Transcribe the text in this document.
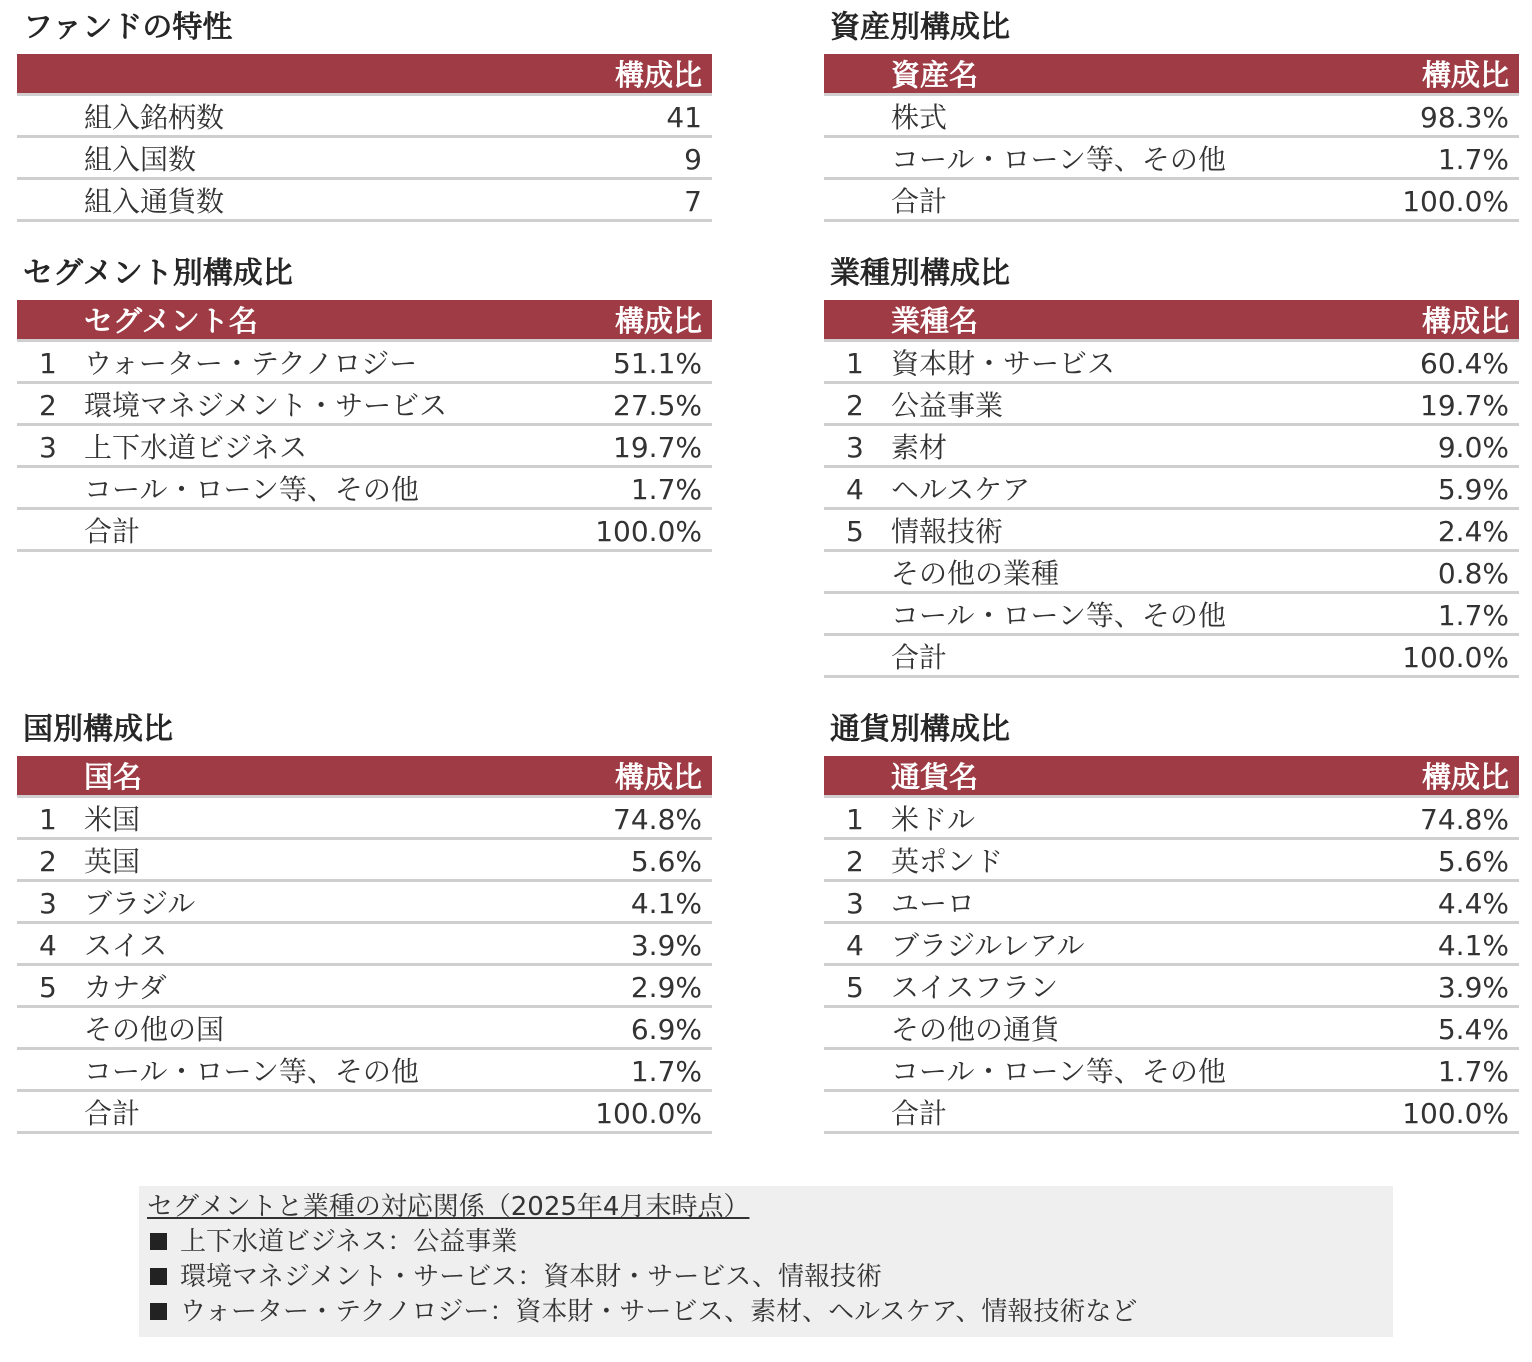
ファンドの特性
構成比
組入銘柄数	41
組入国数	9
組入通貨数	7
資産別構成比
資産名	構成比
株式	98.3%
コール・ローン等、その他	1.7%
合計	100.0%
セグメント別構成比
セグメント名	構成比
1 ウォーター・テクノロジー	51.1%
2 環境マネジメント・サービス	27.5%
3 上下水道ビジネス	19.7%
コール・ローン等、その他	1.7%
合計	100.0%
業種別構成比
業種名	構成比
1 資本財・サービス	60.4%
2 公益事業	19.7%
3 素材	9.0%
4 ヘルスケア	5.9%
5 情報技術	2.4%
その他の業種	0.8%
コール・ローン等、その他	1.7%
合計	100.0%
国別構成比
国名	構成比
1 米国	74.8%
2 英国	5.6%
3 ブラジル	4.1%
4 スイス	3.9%
5 カナダ	2.9%
その他の国	6.9%
コール・ローン等、その他	1.7%
合計	100.0%
通貨別構成比
通貨名	構成比
1 米ドル	74.8%
2 英ポンド	5.6%
3 ユーロ	4.4%
4 ブラジルレアル	4.1%
5 スイスフラン	3.9%
その他の通貨	5.4%
コール・ローン等、その他	1.7%
合計	100.0%
セグメントと業種の対応関係（2025年4月末時点）
上下水道ビジネス：公益事業
環境マネジメント・サービス：資本財・サービス、情報技術
ウォーター・テクノロジー：資本財・サービス、素材、ヘルスケア、情報技術など
